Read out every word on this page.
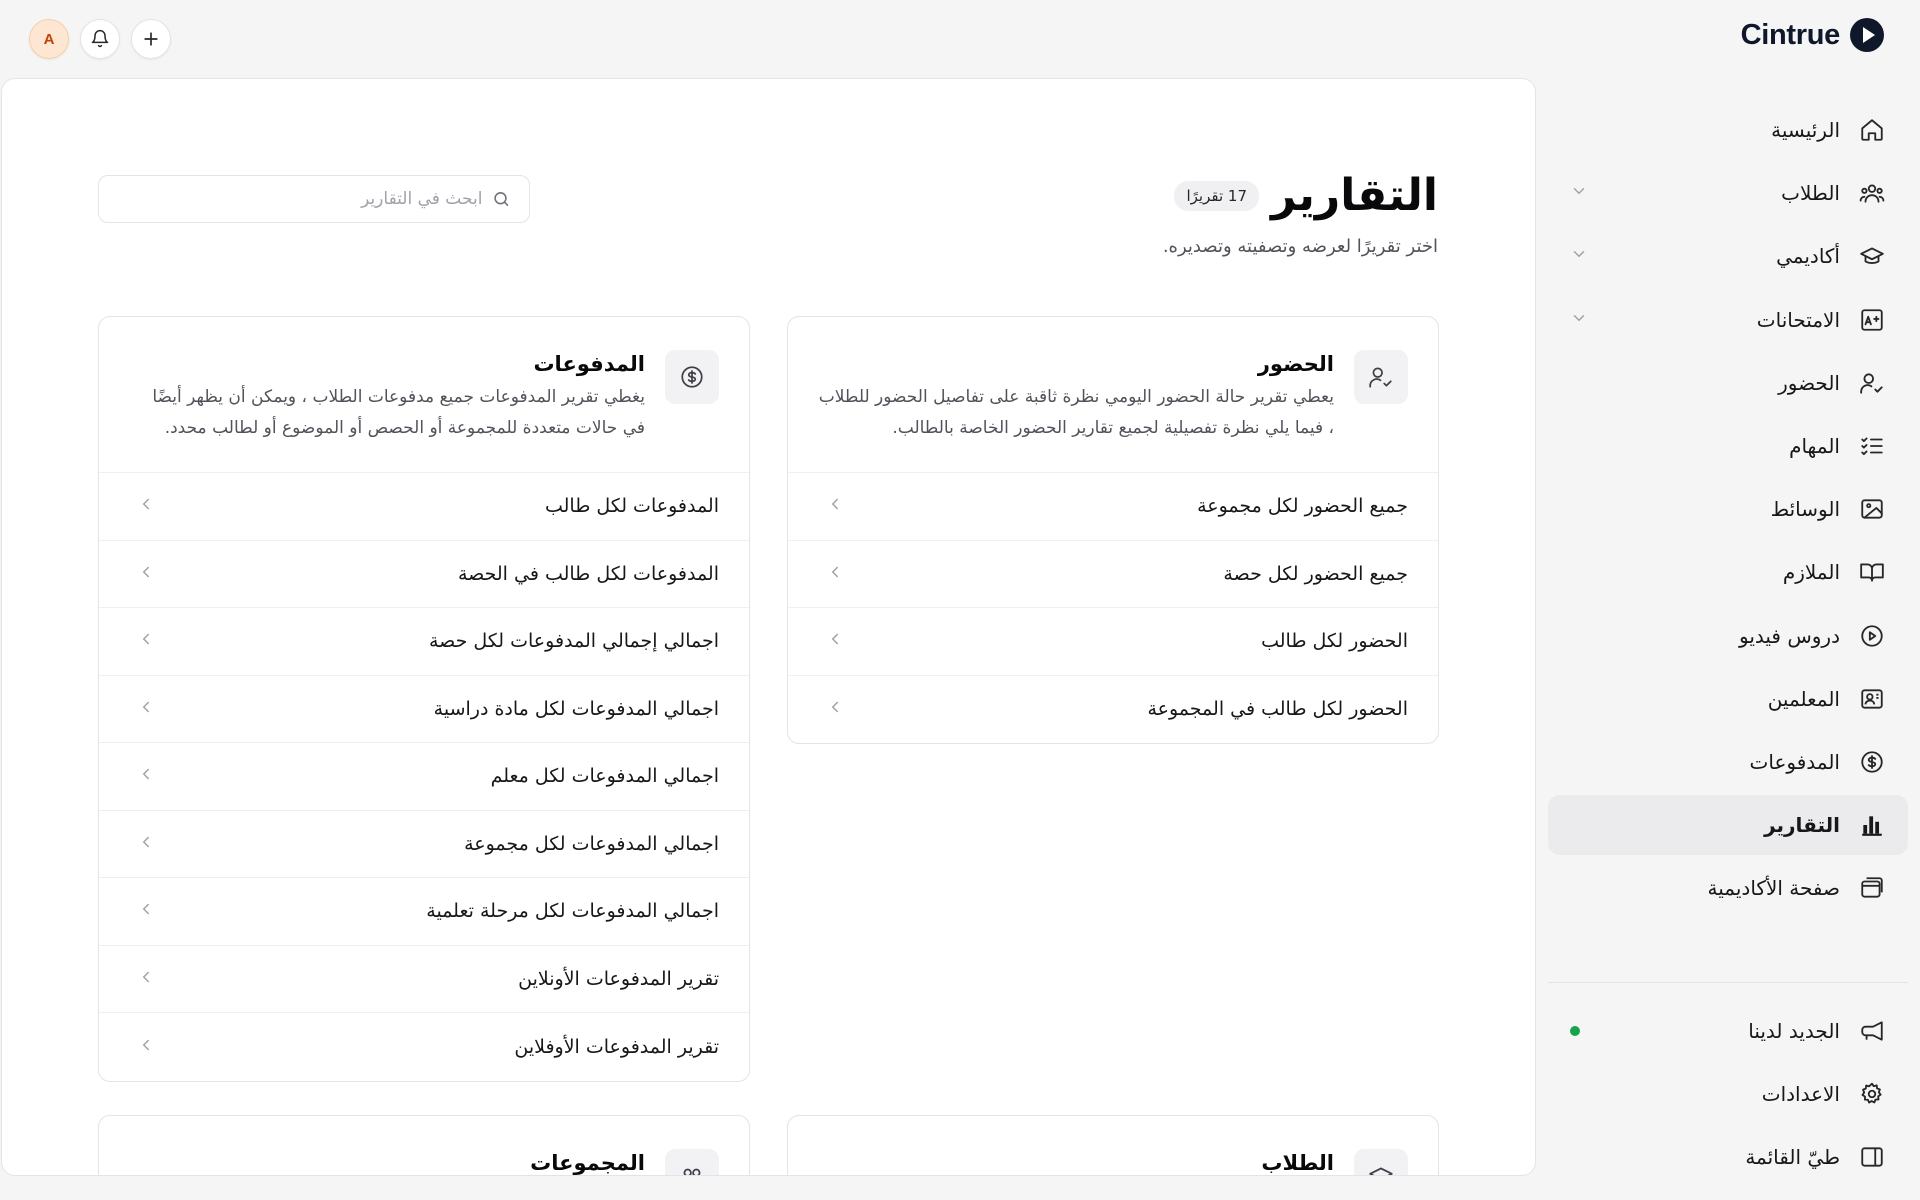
A
التقارير
17 تقريرًا
اختر تقريرًا لعرضه وتصفيته وتصديره.
ابحث في التقارير
الحضور
يعطي تقرير حالة الحضور اليومي نظرة ثاقبة على تفاصيل الحضور للطلاب ، فيما يلي نظرة تفصيلية لجميع تقارير الحضور الخاصة بالطالب.
جميع الحضور لكل مجموعة
جميع الحضور لكل حصة
الحضور لكل طالب
الحضور لكل طالب في المجموعة
المدفوعات
يغطي تقرير المدفوعات جميع مدفوعات الطلاب ، ويمكن أن يظهر أيضًا في حالات متعددة للمجموعة أو الحصص أو الموضوع أو لطالب محدد.
المدفوعات لكل طالب
المدفوعات لكل طالب في الحصة
اجمالي إجمالي المدفوعات لكل حصة
اجمالي المدفوعات لكل مادة دراسية
اجمالي المدفوعات لكل معلم
اجمالي المدفوعات لكل مجموعة
اجمالي المدفوعات لكل مرحلة تعلمية
تقرير المدفوعات الأونلاين
تقرير المدفوعات الأوفلاين
الطلاب
المجموعات
Cintrue
الرئيسية
الطلاب
أكاديمي
الامتحانات
الحضور
المهام
الوسائط
الملازم
دروس فيديو
المعلمين
المدفوعات
التقارير
صفحة الأكاديمية
الجديد لدينا
الاعدادات
طيّ القائمة
